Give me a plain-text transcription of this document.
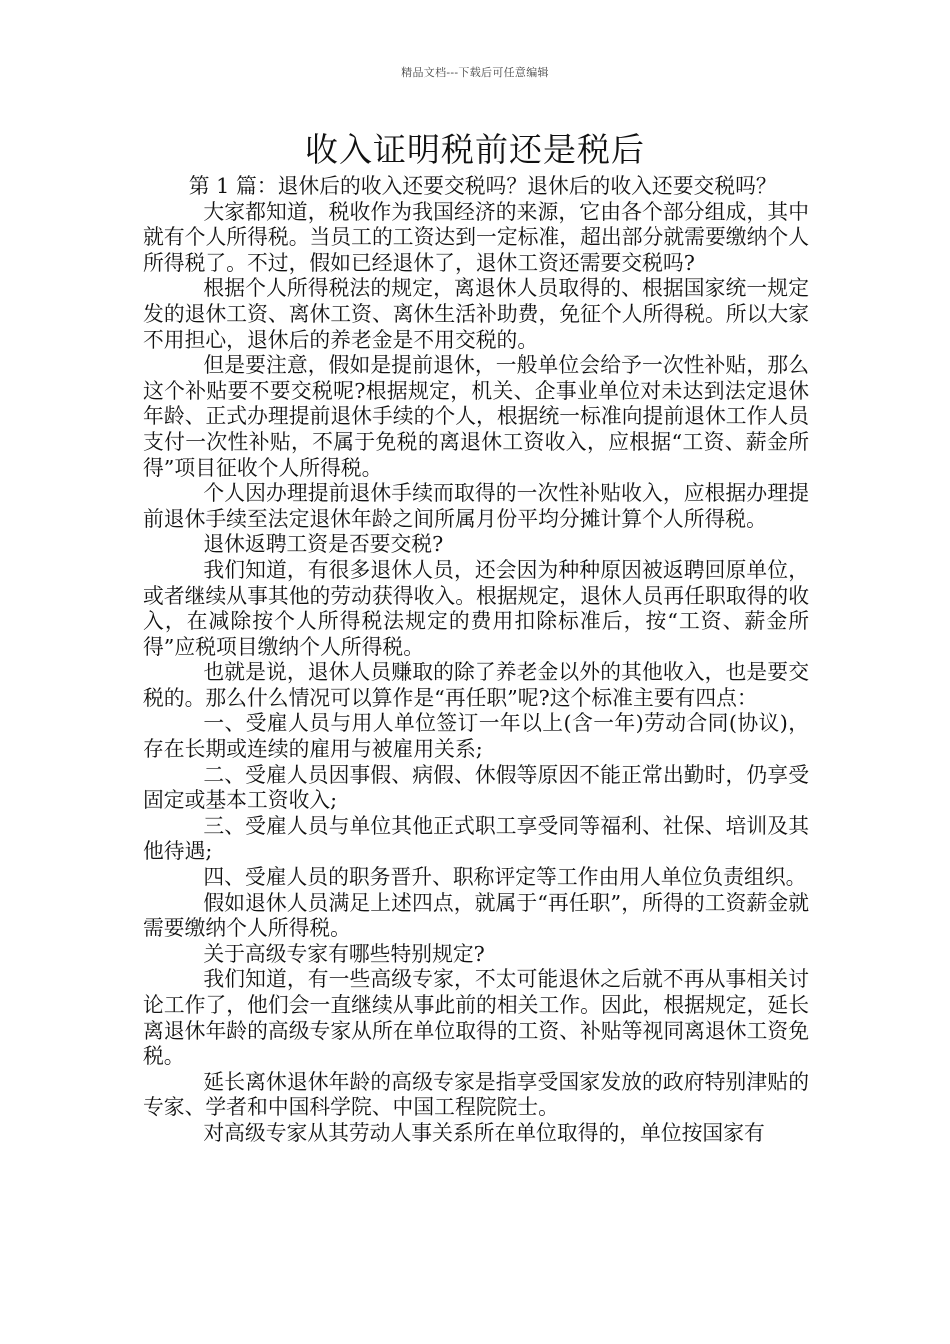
精品文档---下载后可任意编辑
收入证明税前还是税后

第 1 篇：退休后的收入还要交税吗？退休后的收入还要交税吗？

大家都知道，税收作为我国经济的来源，它由各个部分组成，其中就有个人所得税。当员工的工资达到一定标准，超出部分就需要缴纳个人所得税了。不过，假如已经退休了，退休工资还需要交税吗?

根据个人所得税法的规定，离退休人员取得的、根据国家统一规定发的退休工资、离休工资、离休生活补助费，免征个人所得税。所以大家不用担心，退休后的养老金是不用交税的。

但是要注意，假如是提前退休，一般单位会给予一次性补贴，那么这个补贴要不要交税呢?根据规定，机关、企事业单位对未达到法定退休年龄、正式办理提前退休手续的个人，根据统一标准向提前退休工作人员支付一次性补贴，不属于免税的离退休工资收入，应根据“工资、薪金所得”项目征收个人所得税。

个人因办理提前退休手续而取得的一次性补贴收入，应根据办理提前退休手续至法定退休年龄之间所属月份平均分摊计算个人所得税。

退休返聘工资是否要交税?

我们知道，有很多退休人员，还会因为种种原因被返聘回原单位，或者继续从事其他的劳动获得收入。根据规定，退休人员再任职取得的收入，在减除按个人所得税法规定的费用扣除标准后，按“工资、薪金所得”应税项目缴纳个人所得税。

也就是说，退休人员赚取的除了养老金以外的其他收入，也是要交税的。那么什么情况可以算作是“再任职”呢?这个标准主要有四点：

一、受雇人员与用人单位签订一年以上(含一年)劳动合同(协议)，存在长期或连续的雇用与被雇用关系;

二、受雇人员因事假、病假、休假等原因不能正常出勤时，仍享受固定或基本工资收入;

三、受雇人员与单位其他正式职工享受同等福利、社保、培训及其他待遇;

四、受雇人员的职务晋升、职称评定等工作由用人单位负责组织。

假如退休人员满足上述四点，就属于“再任职”，所得的工资薪金就需要缴纳个人所得税。

关于高级专家有哪些特别规定?

我们知道，有一些高级专家，不太可能退休之后就不再从事相关讨论工作了，他们会一直继续从事此前的相关工作。因此，根据规定，延长离退休年龄的高级专家从所在单位取得的工资、补贴等视同离退休工资免税。

延长离休退休年龄的高级专家是指享受国家发放的政府特别津贴的专家、学者和中国科学院、中国工程院院士。

对高级专家从其劳动人事关系所在单位取得的，单位按国家有
